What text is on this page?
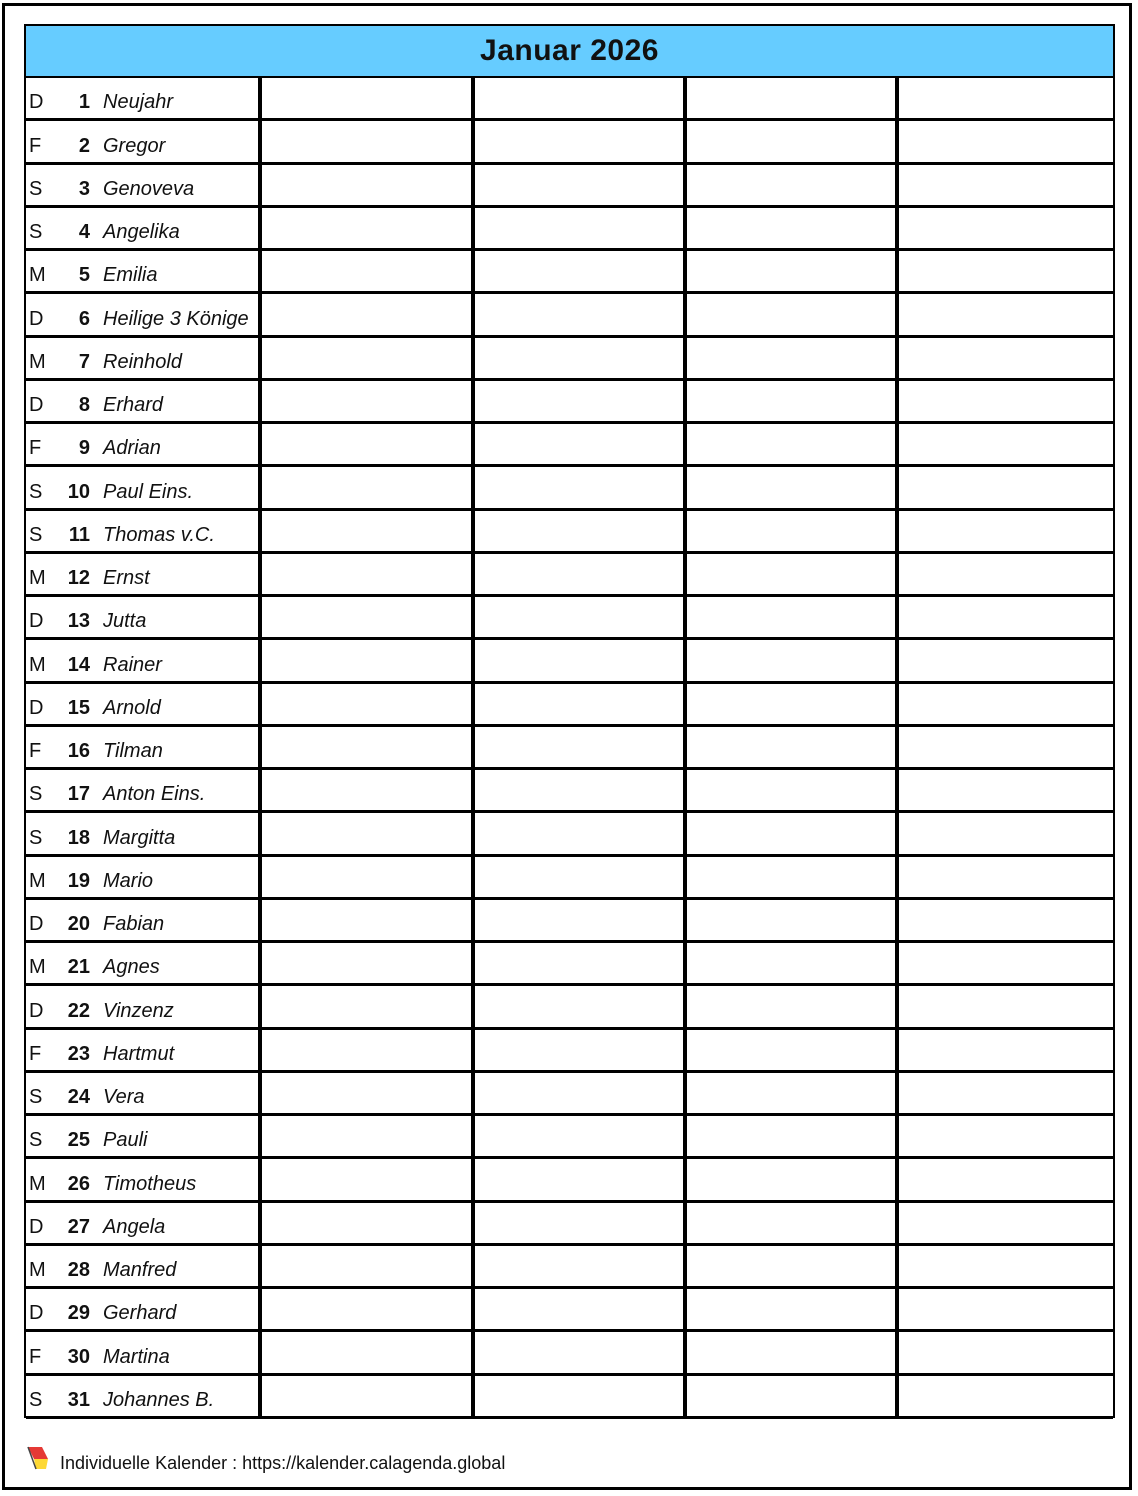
Januar 2026
D	1 Neujahr
F	2 Gregor
S	3 Genoveva
S	4 Angelika
M	5 Emilia
D	6 Heilige 3 Könige
M	7 Reinhold
D	8 Erhard
F	9 Adrian
S	10 Paul Eins.
S	11 Thomas v.C.
M	12 Ernst
D	13 Jutta
M	14 Rainer
D	15 Arnold
F	16 Tilman
S	17 Anton Eins.
S	18 Margitta
M	19 Mario
D	20 Fabian
M	21 Agnes
D	22 Vinzenz
F	23 Hartmut
S	24 Vera
S	25 Pauli
M	26 Timotheus
D	27 Angela
M	28 Manfred
D	29 Gerhard
F	30 Martina
S	31 Johannes B.
Individuelle Kalender : https://kalender.calagenda.global
